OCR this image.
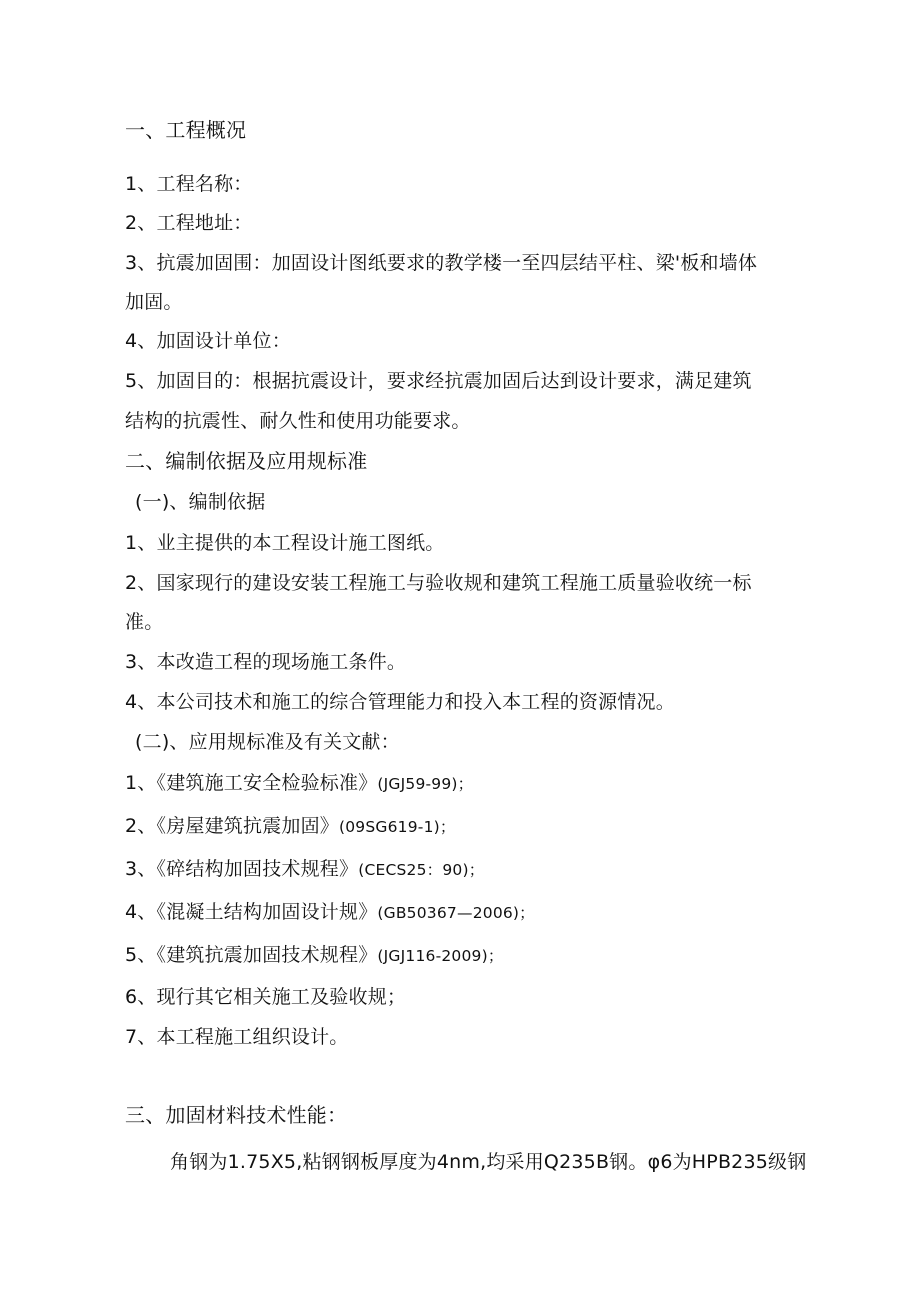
一、工程概况
1、工程名称：
2、工程地址：
3、抗震加固围：加固设计图纸要求的教学楼一至四层结平柱、梁'板和墙体
加固。
4、加固设计单位：
5、加固目的：根据抗震设计，要求经抗震加固后达到设计要求，满足建筑
结构的抗震性、耐久性和使用功能要求。
二、编制依据及应用规标准
(一)、编制依据
1、业主提供的本工程设计施工图纸。
2、国家现行的建设安装工程施工与验收规和建筑工程施工质量验收统一标
准。
3、本改造工程的现场施工条件。
4、本公司技术和施工的综合管理能力和投入本工程的资源情况。
(二)、应用规标准及有关文献：
1、《建筑施工安全检验标准》(JGJ59-99)；
2、《房屋建筑抗震加固》(09SG619-1)；
3、《碎结构加固技术规程》(CECS25：90)；
4、《混凝土结构加固设计规》(GB50367—2006)；
5、《建筑抗震加固技术规程》(JGJ116-2009)；
6、现行其它相关施工及验收规；
7、本工程施工组织设计。
三、加固材料技术性能：
角钢为1.75X5,粘钢钢板厚度为4nm,均采用Q235B钢。φ6为HPB235级钢
